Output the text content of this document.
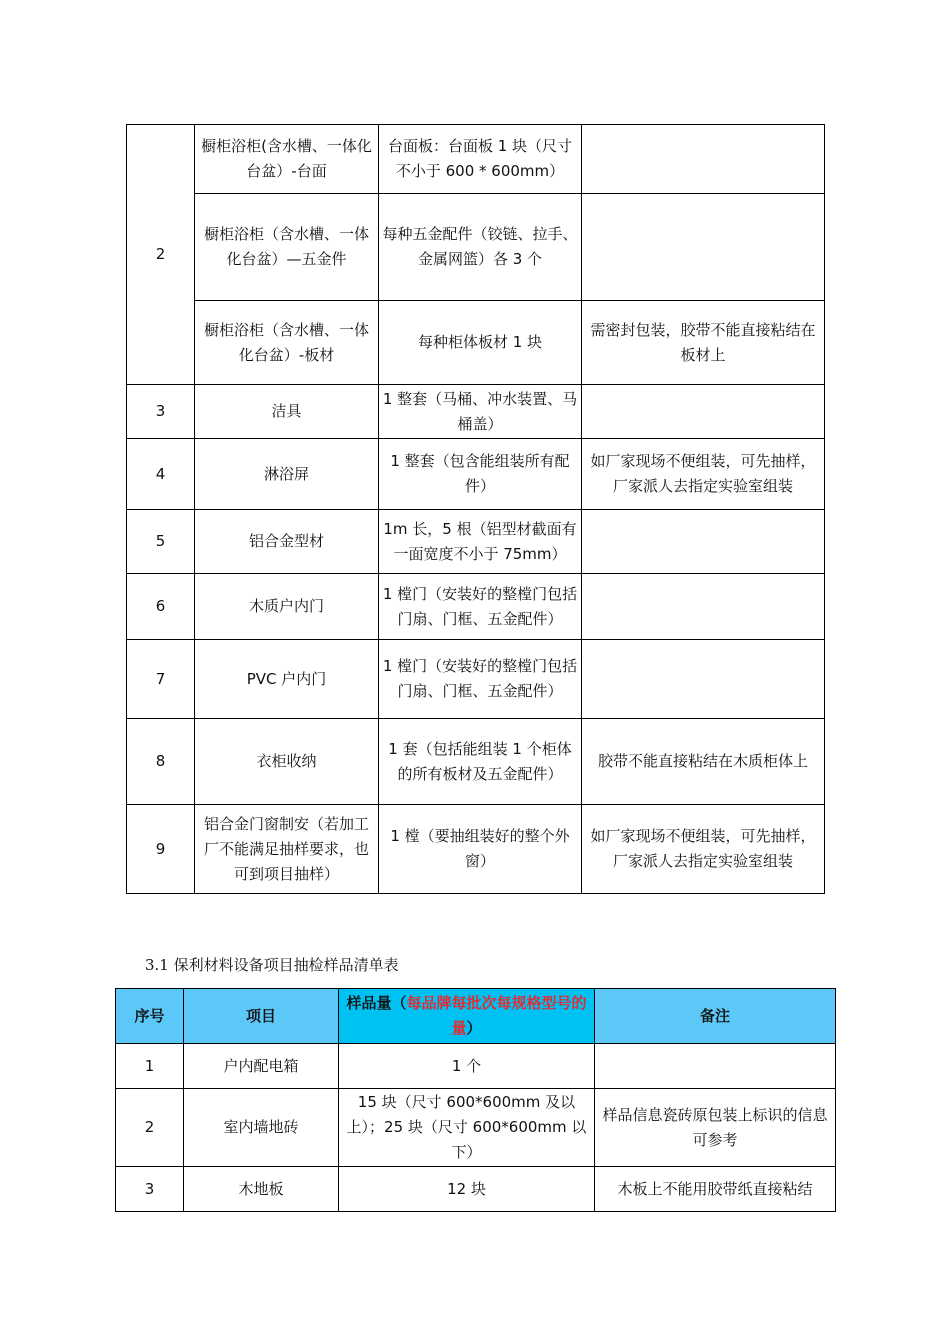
2	橱柜浴柜(含水槽、一体化台盆）-台面	台面板：台面板 1 块（尺寸不小于 600 * 600mm）	
	橱柜浴柜（含水槽、一体化台盆）—五金件	每种五金配件（铰链、拉手、金属网篮）各 3 个	
	橱柜浴柜（含水槽、一体化台盆）-板材	每种柜体板材 1 块	需密封包装，胶带不能直接粘结在板材上
3	洁具	1 整套（马桶、冲水装置、马桶盖）	
4	淋浴屏	1 整套（包含能组装所有配件）	如厂家现场不便组装，可先抽样，厂家派人去指定实验室组装
5	铝合金型材	1m 长，5 根（铝型材截面有一面宽度不小于 75mm）	
6	木质户内门	1 樘门（安装好的整樘门包括门扇、门框、五金配件）	
7	PVC 户内门	1 樘门（安装好的整樘门包括门扇、门框、五金配件）	
8	衣柜收纳	1 套（包括能组装 1 个柜体的所有板材及五金配件）	胶带不能直接粘结在木质柜体上
9	铝合金门窗制安（若加工厂不能满足抽样要求，也可到项目抽样）	1 樘（要抽组装好的整个外窗）	如厂家现场不便组装，可先抽样，厂家派人去指定实验室组装

3.1 保利材料设备项目抽检样品清单表

序号	项目	样品量（每品牌每批次每规格型号的量）	备注
1	户内配电箱	1 个	
2	室内墙地砖	15 块（尺寸 600*600mm 及以上）；25 块（尺寸 600*600mm 以下）	样品信息瓷砖原包装上标识的信息可参考
3	木地板	12 块	木板上不能用胶带纸直接粘结
